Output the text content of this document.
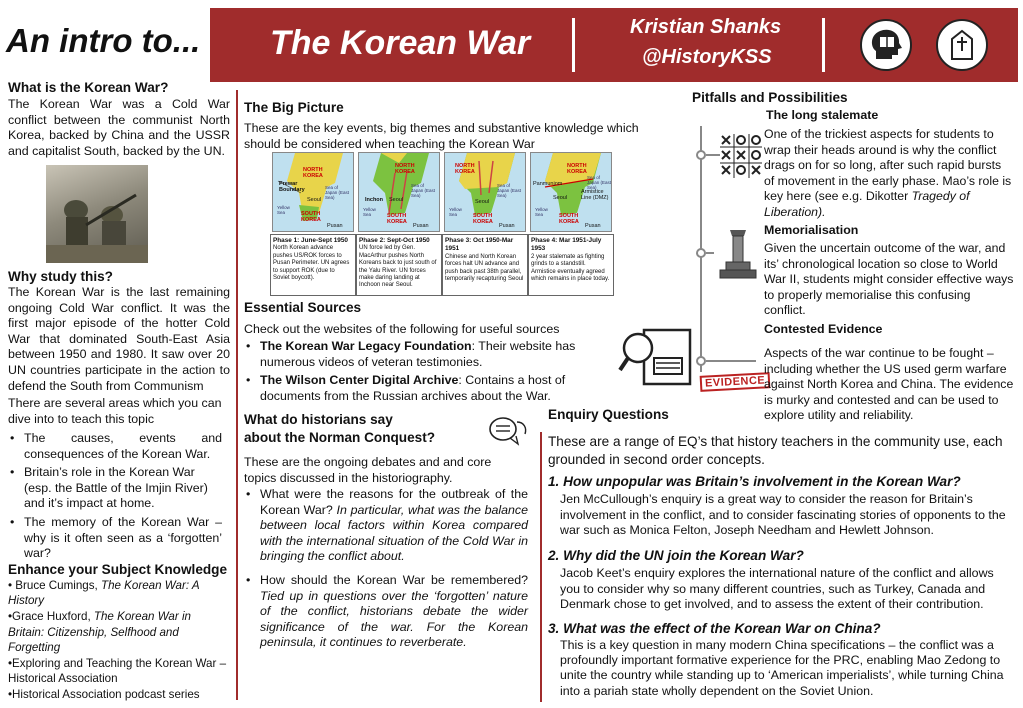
An intro to... The Korean War	Kristian Shanks
@HistoryKSS
What is the Korean War?
The Korean War was a Cold War conflict between the communist North Korea, backed by China and the USSR and capitalist South, backed by the UN.
Why study this?
The Korean War is the last remaining ongoing Cold War conflict. It was the first major episode of the hotter Cold War that dominated South-East Asia between 1950 and 1980. It saw over 20 UN countries participate in the action to defend the South from Communism
There are several areas which you can dive into to teach this topic
• The causes, events and consequences of the Korean War.
• Britain’s role in the Korean War (esp. the Battle of the Imjin River) and it’s impact at home.
• The memory of the Korean War – why is it often seen as a ‘forgotten’ war?
Enhance your Subject Knowledge
• Bruce Cumings, The Korean War: A History
•Grace Huxford, The Korean War in Britain: Citizenship, Selfhood and Forgetting
•Exploring and Teaching the Korean War – Historical Association
•Historical Association podcast series
The Big Picture
These are the key events, big themes and substantive knowledge which should be considered when teaching the Korean War
NORTH KOREA
Prewar Boundary	Sea of Japan (East Sea)
Seoul
Yellow Sea	SOUTH KOREA
Pusan
NORTH KOREA
Sea of Japan (East Sea)
Inchon Seoul
Yellow Sea	SOUTH KOREA
Pusan
NORTH KOREA
Sea of Japan (East Sea)
Seoul
Yellow Sea	SOUTH KOREA
Pusan
NORTH KOREA
Sea of Japan (East Sea)
Panmunjom
Armistice Line (DMZ)
Seoul
Yellow Sea	SOUTH KOREA
Pusan
Phase 1: June-Sept 1950
North Korean advance pushes US/ROK forces to Pusan Perimeter. UN agrees to support ROK (due to Soviet boycott).
Phase 2: Sept-Oct 1950
UN force led by Gen. MacArthur pushes North Koreans back to just south of the Yalu River. UN forces make daring landing at Inchoon near Seoul.
Phase 3: Oct 1950-Mar 1951
Chinese and North Korean forces halt UN advance and push back past 38th parallel, temporarily recapturing Seoul
Phase 4: Mar 1951-July 1953
2 year stalemate as fighting grinds to a standstill. Armistice eventually agreed which remains in place today.
Essential Sources
Check out the websites of the following for useful sources
• The Korean War Legacy Foundation: Their website has numerous videos of veteran testimonies.
• The Wilson Center Digital Archive: Contains a host of documents from the Russian archives about the War.
What do historians say
about the Norman Conquest?
These are the ongoing debates and and core topics discussed in the historiography.
• What were the reasons for the outbreak of the Korean War? In particular, what was the balance between local factors within Korea compared with the international situation of the Cold War in bringing the conflict about.
• How should the Korean War be remembered? Tied up in questions over the ‘forgotten’ nature of the conflict, historians debate the wider significance of the war. For the Korean peninsula, it continues to reverberate.
Pitfalls and Possibilities
EVIDENCE
The long stalemate
One of the trickiest aspects for students to wrap their heads around is why the conflict drags on for so long, after such rapid bursts of movement in the early phase. Mao’s role is key here (see e.g. Dikotter Tragedy of Liberation).
Memorialisation
Given the uncertain outcome of the war, and its’ chronological location so close to World War II, students might consider effective ways to properly memorialise this confusing conflict.
Contested Evidence
Aspects of the war continue to be fought – including whether the US used germ warfare against North Korea and China. The evidence is murky and contested and can be used to explore utility and reliability.
Enquiry Questions
These are a range of EQ’s that history teachers in the community use, each grounded in second order concepts.
1. How unpopular was Britain’s involvement in the Korean War?
Jen McCullough’s enquiry is a great way to consider the reason for Britain’s involvement in the conflict, and to consider fascinating stories of opponents to the war such as Monica Felton, Joseph Needham and Hewlett Johnson.
2. Why did the UN join the Korean War?
Jacob Keet’s enquiry explores the international nature of the conflict and allows you to consider why so many different countries, such as Turkey, Canada and Denmark chose to get involved, and to assess the extent of their contribution.
3. What was the effect of the Korean War on China?
This is a key question in many modern China specifications – the conflict was a profoundly important formative experience for the PRC, enabling Mao Zedong to unite the country while standing up to ‘American imperialists’, while turning China into a pariah state wholly dependent on the Soviet Union.
